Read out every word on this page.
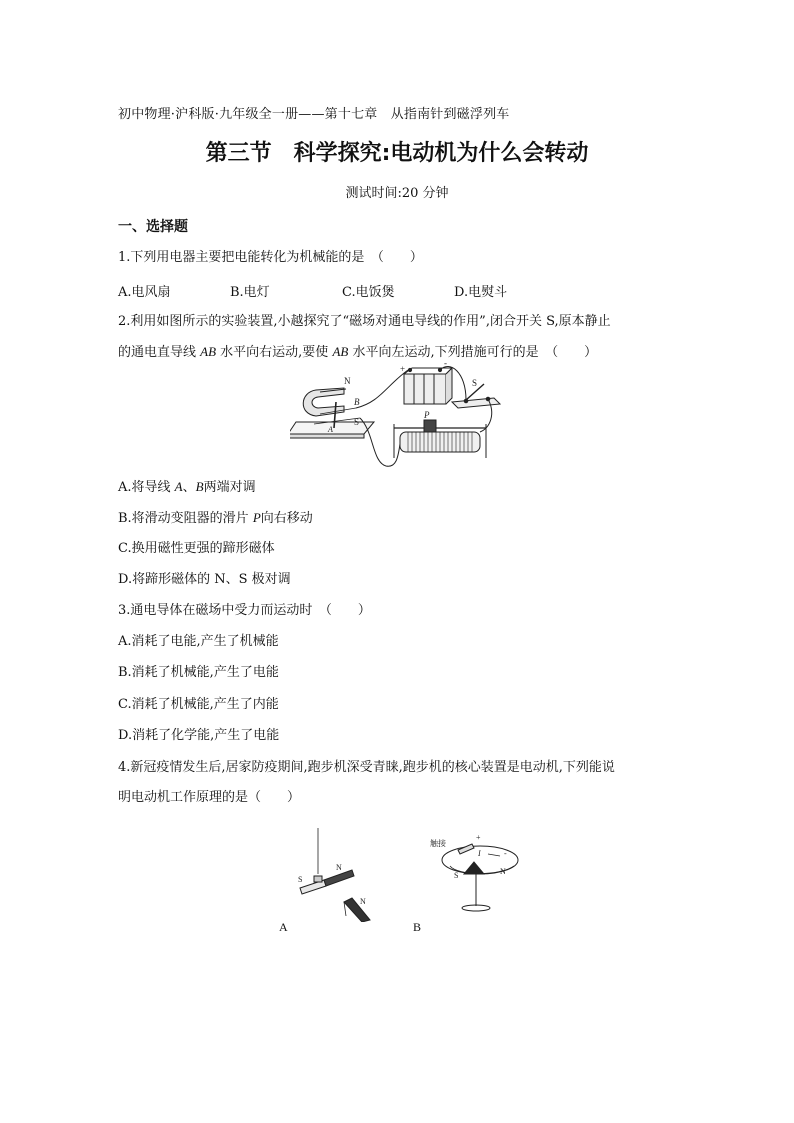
初中物理·沪科版·九年级全一册——第十七章　从指南针到磁浮列车
第三节　科学探究:电动机为什么会转动
测试时间:20 分钟
一、选择题
1.下列用电器主要把电能转化为机械能的是　（　　）
A.电风扇	B.电灯	C.电饭煲	D.电熨斗
2.利用如图所示的实验装置,小越探究了“磁场对通电导线的作用”,闭合开关 S,原本静止
的通电直导线 AB 水平向右运动,要使 AB 水平向左运动,下列措施可行的是　（　　）
N
B
S
A
+
-
S
P
A.将导线 A、B两端对调
B.将滑动变阻器的滑片 P向右移动
C.换用磁性更强的蹄形磁体
D.将蹄形磁体的 N、S 极对调
3.通电导体在磁场中受力而运动时　（　　）
A.消耗了电能,产生了机械能
B.消耗了机械能,产生了电能
C.消耗了机械能,产生了内能
D.消耗了化学能,产生了电能
4.新冠疫情发生后,居家防疫期间,跑步机深受青睐,跑步机的核心装置是电动机,下列能说
明电动机工作原理的是（　　）
S
N
N
A
触接
+
-
I
N
S
B
